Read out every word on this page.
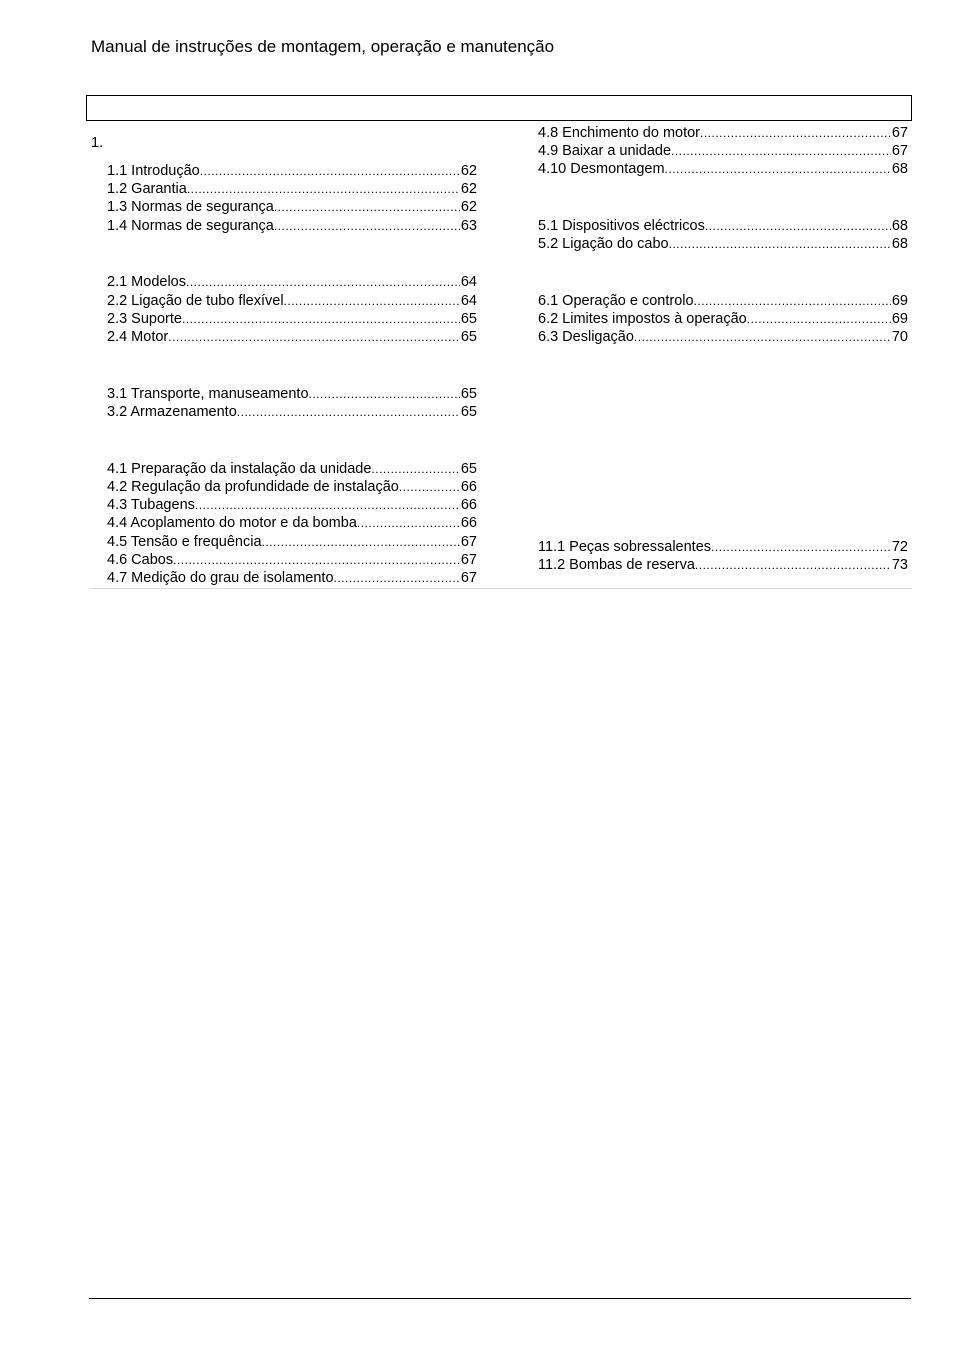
Manual de instruções de montagem, operação e manutenção
1.
1.1 Introdução .....	62
1.2 Garantia .....	62
1.3 Normas de segurança .....	62
1.4 Normas de segurança .....	63
2.1 Modelos .....	64
2.2 Ligação de tubo flexível .....	64
2.3 Suporte .....	65
2.4 Motor .....	65
3.1 Transporte, manuseamento .....	65
3.2 Armazenamento .....	65
4.1 Preparação da instalação da unidade .....	65
4.2 Regulação da profundidade de instalação .....	66
4.3 Tubagens .....	66
4.4 Acoplamento do motor e da bomba .....	66
4.5 Tensão e frequência .....	67
4.6 Cabos .....	67
4.7 Medição do grau de isolamento .....	67
4.8 Enchimento do motor .....	67
4.9 Baixar a unidade .....	67
4.10 Desmontagem .....	68
5.1 Dispositivos eléctricos .....	68
5.2 Ligação do cabo .....	68
6.1 Operação e controlo .....	69
6.2 Limites impostos à operação .....	69
6.3 Desligação .....	70
11.1 Peças sobressalentes .....	72
11.2 Bombas de reserva .....	73
